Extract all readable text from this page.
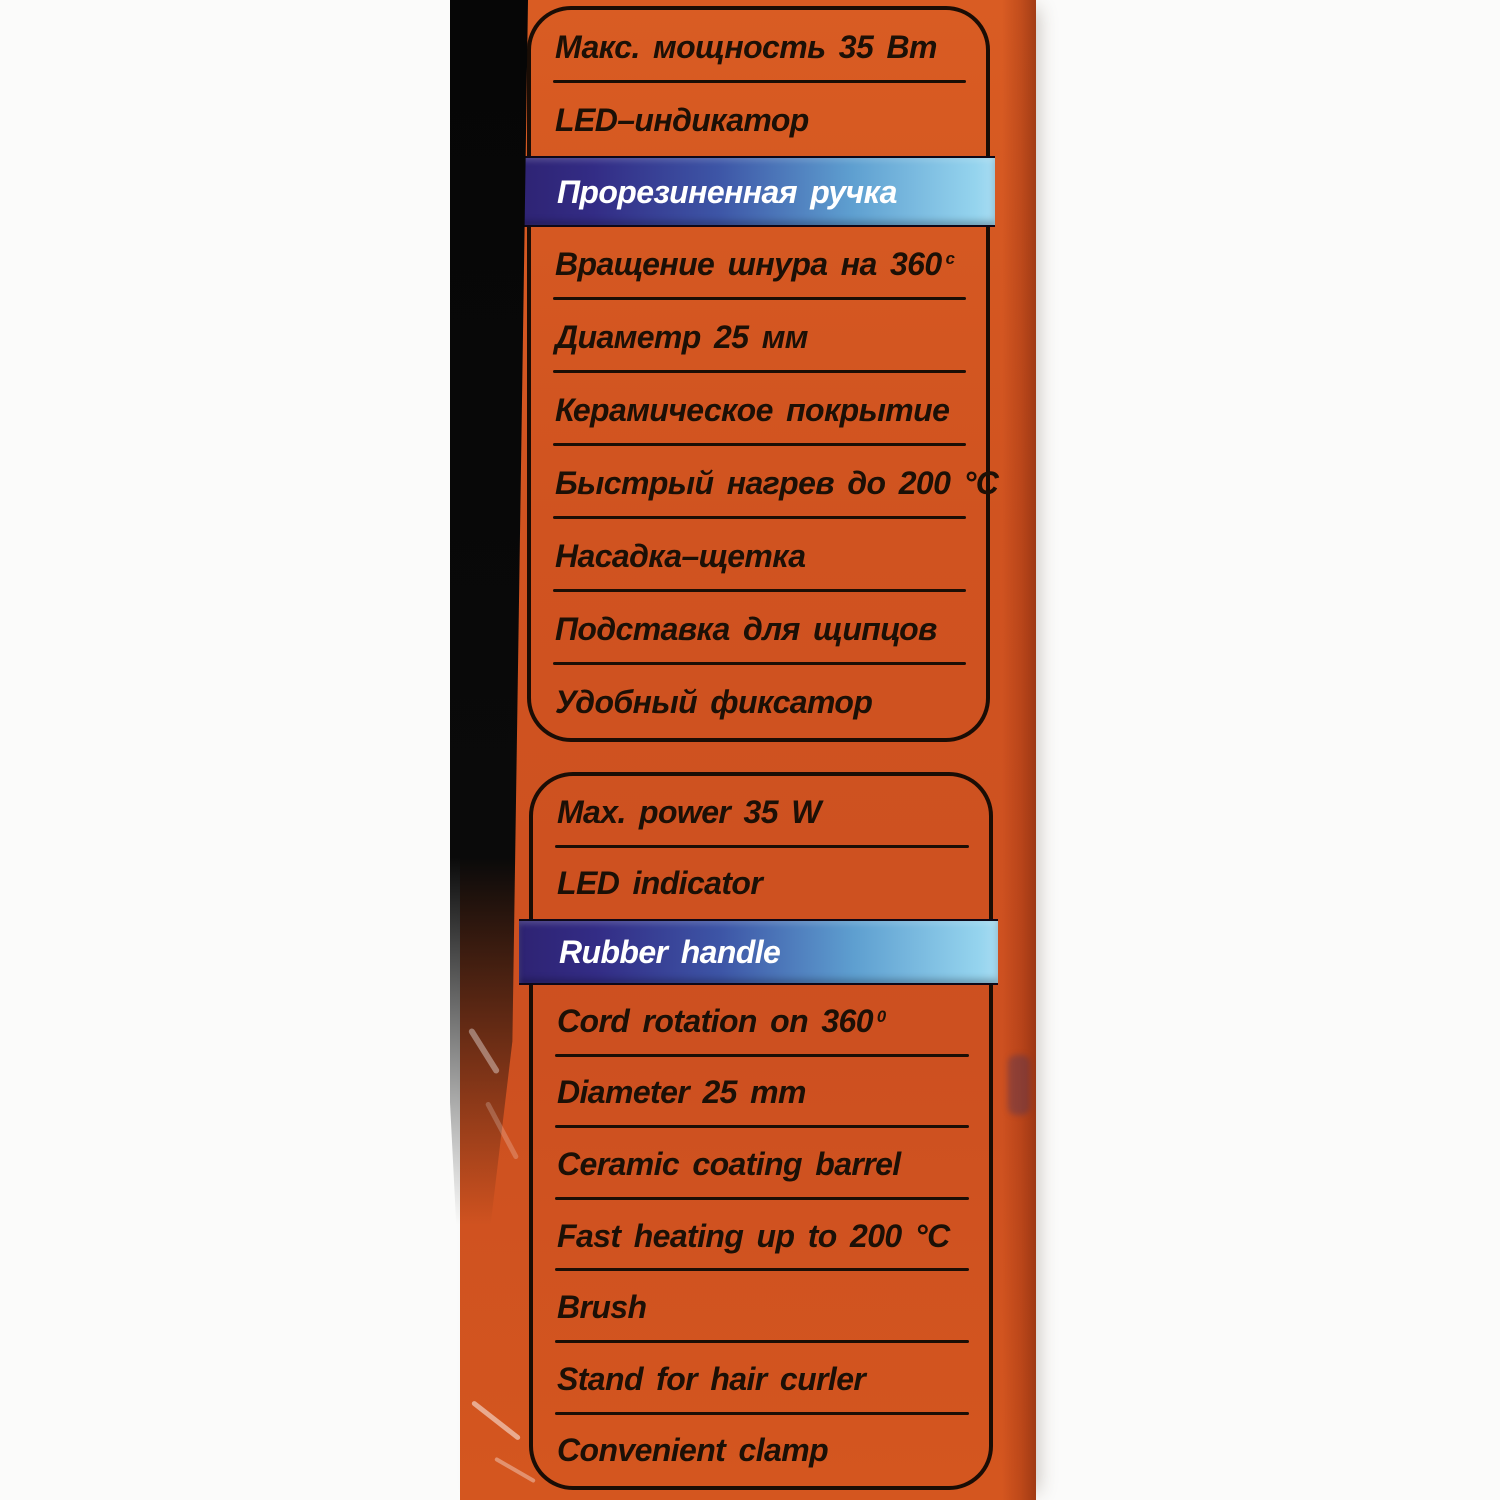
Макс. мощность 35 Вт
LED–индикатор
Прорезиненная ручка
Вращение шнура на 360 c
Диаметр 25 мм
Керамическое покрытие
Быстрый нагрев до 200 °C
Насадка–щетка
Подставка для щипцов
Удобный фиксатор
Max. power 35 W
LED indicator
Rubber handle
Cord rotation on 360 0
Diameter 25 mm
Ceramic coating barrel
Fast heating up to 200 °C
Brush
Stand for hair curler
Convenient clamp
